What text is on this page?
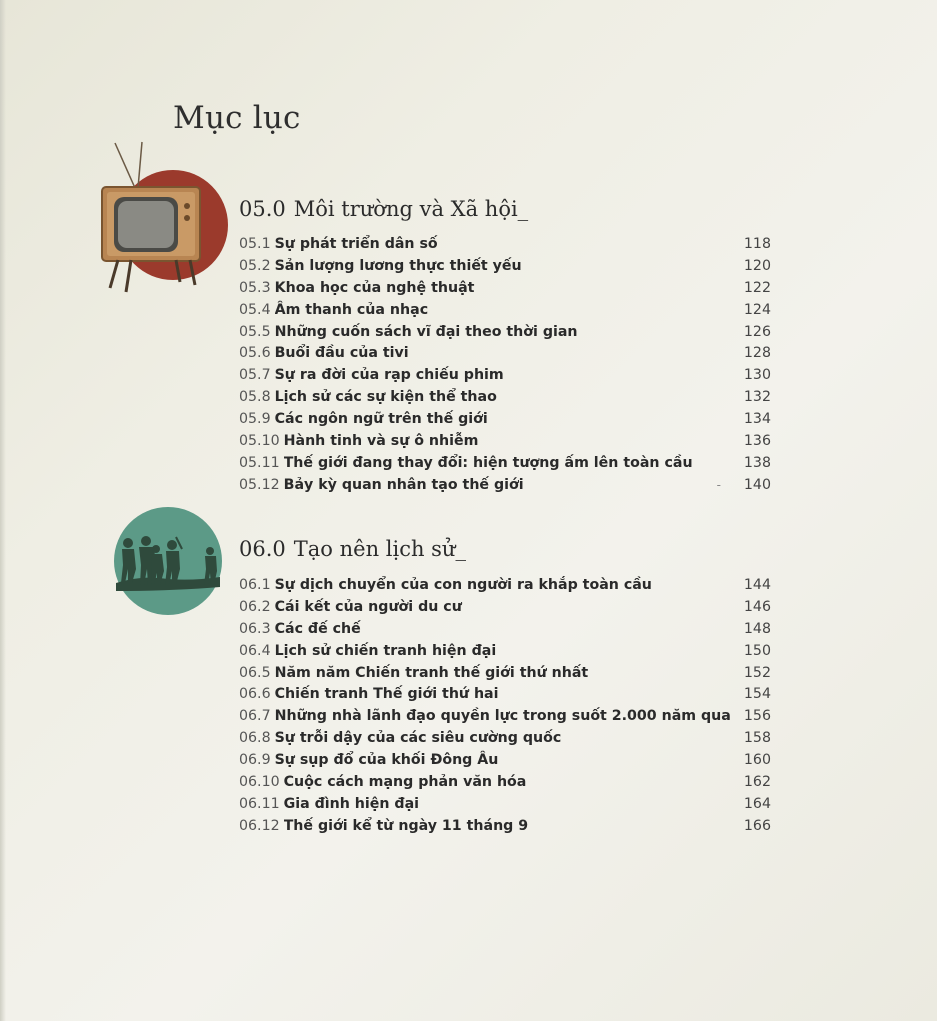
Mục lục
05.0 Môi trường và Xã hội_
05.1 Sự phát triển dân số	118
05.2 Sản lượng lương thực thiết yếu	120
05.3 Khoa học của nghệ thuật	122
05.4 Âm thanh của nhạc	124
05.5 Những cuốn sách vĩ đại theo thời gian	126
05.6 Buổi đầu của tivi	128
05.7 Sự ra đời của rạp chiếu phim	130
05.8 Lịch sử các sự kiện thể thao	132
05.9 Các ngôn ngữ trên thế giới	134
05.10 Hành tinh và sự ô nhiễm	136
05.11 Thế giới đang thay đổi: hiện tượng ấm lên toàn cầu	138
05.12 Bảy kỳ quan nhân tạo thế giới	- 140
06.0 Tạo nên lịch sử_
06.1 Sự dịch chuyển của con người ra khắp toàn cầu	144
06.2 Cái kết của người du cư	146
06.3 Các đế chế	148
06.4 Lịch sử chiến tranh hiện đại	150
06.5 Năm năm Chiến tranh thế giới thứ nhất	152
06.6 Chiến tranh Thế giới thứ hai	154
06.7 Những nhà lãnh đạo quyền lực trong suốt 2.000 năm qua 156
06.8 Sự trỗi dậy của các siêu cường quốc	158
06.9 Sự sụp đổ của khối Đông Âu	160
06.10 Cuộc cách mạng phản văn hóa	162
06.11 Gia đình hiện đại	164
06.12 Thế giới kể từ ngày 11 tháng 9	166
